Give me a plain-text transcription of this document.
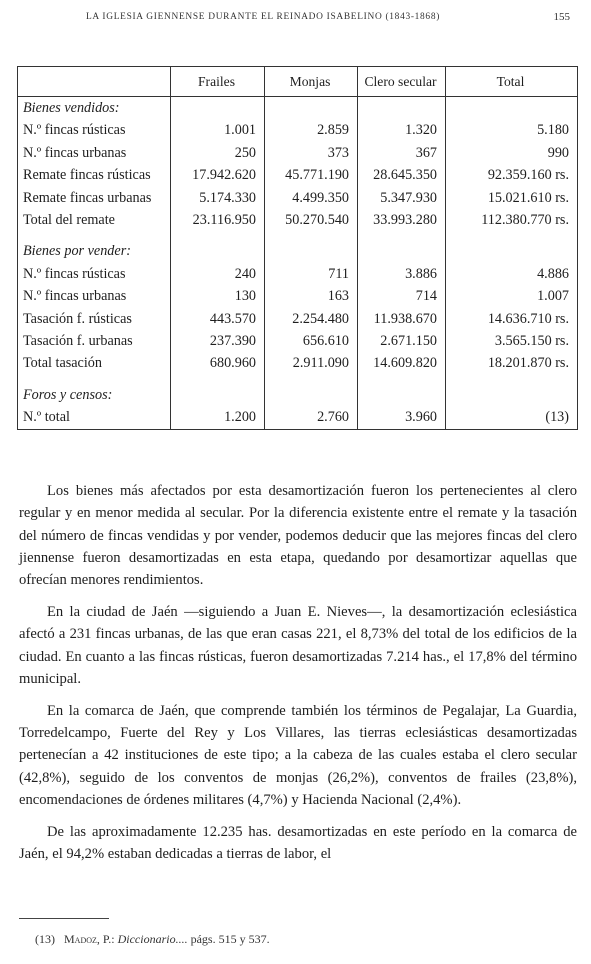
LA IGLESIA GIENNENSE DURANTE EL REINADO ISABELINO (1843-1868)	155
	Frailes	Monjas	Clero secular	Total
Bienes vendidos:				
N.º fincas rústicas	1.001	2.859	1.320	5.180
N.º fincas urbanas	250	373	367	990
Remate fincas rústicas	17.942.620	45.771.190	28.645.350	92.359.160 rs.
Remate fincas urbanas	5.174.330	4.499.350	5.347.930	15.021.610 rs.
Total del remate	23.116.950	50.270.540	33.993.280	112.380.770 rs.

Bienes por vender:				
N.º fincas rústicas	240	711	3.886	4.886
N.º fincas urbanas	130	163	714	1.007
Tasación f. rústicas	443.570	2.254.480	11.938.670	14.636.710 rs.
Tasación f. urbanas	237.390	656.610	2.671.150	3.565.150 rs.
Total tasación	680.960	2.911.090	14.609.820	18.201.870 rs.

Foros y censos:				
N.º total	1.200	2.760	3.960	(13)

Los bienes más afectados por esta desamortización fueron los pertenecientes al clero regular y en menor medida al secular. Por la diferencia existente entre el remate y la tasación del número de fincas vendidas y por vender, podemos deducir que las mejores fincas del clero jiennense fueron desamortizadas en esta etapa, quedando por desamortizar aquellas que ofrecían menores rendimientos.

En la ciudad de Jaén —siguiendo a Juan E. Nieves—, la desamortización eclesiástica afectó a 231 fincas urbanas, de las que eran casas 221, el 8,73% del total de los edificios de la ciudad. En cuanto a las fincas rústicas, fueron desamortizadas 7.214 has., el 17,8% del término municipal.

En la comarca de Jaén, que comprende también los términos de Pegalajar, La Guardia, Torredelcampo, Fuerte del Rey y Los Villares, las tierras eclesiásticas desamortizadas pertenecían a 42 instituciones de este tipo; a la cabeza de las cuales estaba el clero secular (42,8%), seguido de los conventos de monjas (26,2%), conventos de frailes (23,8%), encomendaciones de órdenes militares (4,7%) y Hacienda Nacional (2,4%).

De las aproximadamente 12.235 has. desamortizadas en este período en la comarca de Jaén, el 94,2% estaban dedicadas a tierras de labor, el

(13) Madoz, P.: Diccionario.... págs. 515 y 537.
